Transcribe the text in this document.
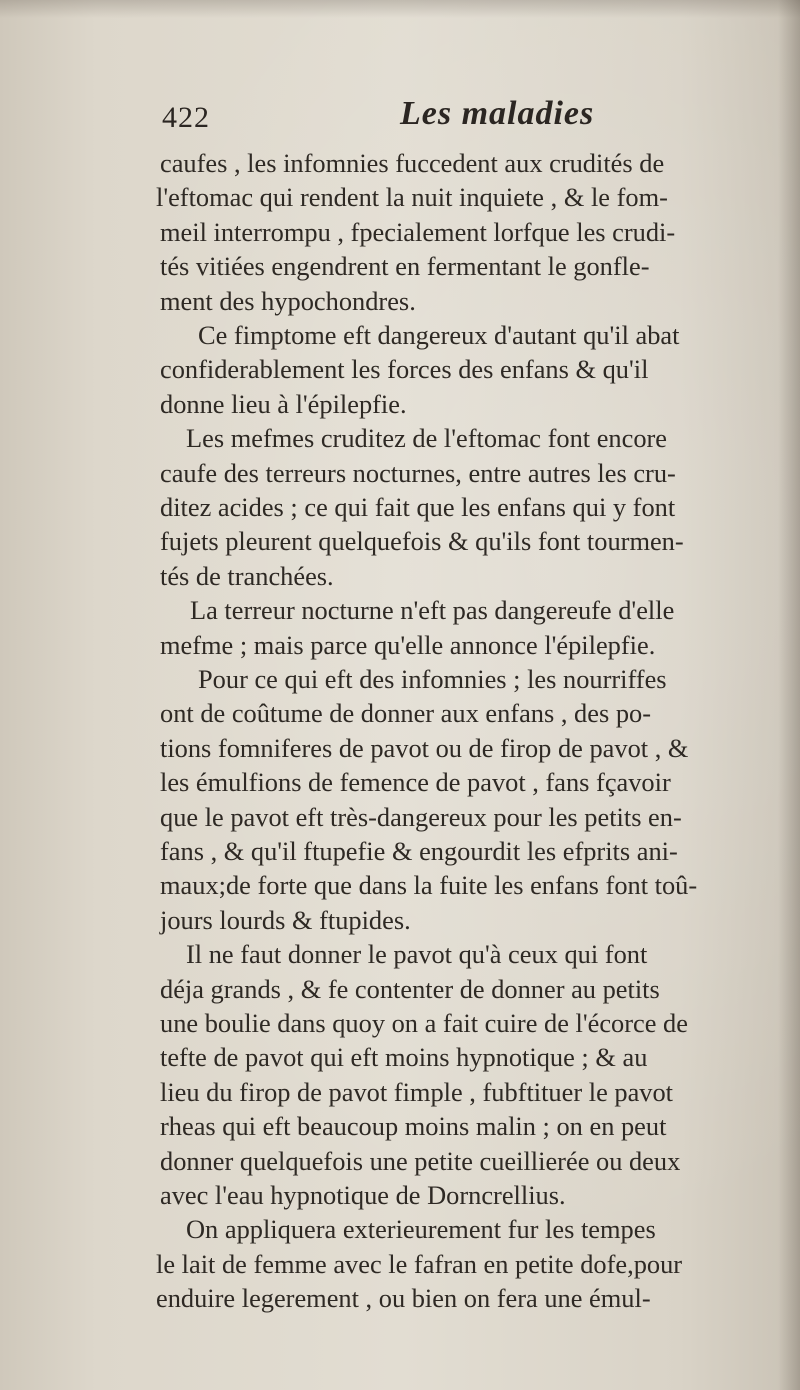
422	Les maladies
caufes , les infomnies fuccedent aux crudités de
l'eftomac qui rendent la nuit inquiete , & le fom-
meil interrompu , fpecialement lorfque les crudi-
tés vitiées engendrent en fermentant le gonfle-
ment des hypochondres.
Ce fimptome eft dangereux d'autant qu'il abat
confiderablement les forces des enfans & qu'il
donne lieu à l'épilepfie.
Les mefmes cruditez de l'eftomac font encore
caufe des terreurs nocturnes, entre autres les cru-
ditez acides ; ce qui fait que les enfans qui y font
fujets pleurent quelquefois & qu'ils font tourmen-
tés de tranchées.
La terreur nocturne n'eft pas dangereufe d'elle
mefme ; mais parce qu'elle annonce l'épilepfie.
Pour ce qui eft des infomnies ; les nourriffes
ont de coûtume de donner aux enfans , des po-
tions fomniferes de pavot ou de firop de pavot , &
les émulfions de femence de pavot , fans fçavoir
que le pavot eft très-dangereux pour les petits en-
fans , & qu'il ftupefie & engourdit les efprits ani-
maux;de forte que dans la fuite les enfans font toû-
jours lourds & ftupides.
Il ne faut donner le pavot qu'à ceux qui font
déja grands , & fe contenter de donner au petits
une boulie dans quoy on a fait cuire de l'écorce de
tefte de pavot qui eft moins hypnotique ; & au
lieu du firop de pavot fimple , fubftituer le pavot
rheas qui eft beaucoup moins malin ; on en peut
donner quelquefois une petite cueillierée ou deux
avec l'eau hypnotique de Dorncrellius.
On appliquera exterieurement fur les tempes
le lait de femme avec le fafran en petite dofe,pour
enduire legerement , ou bien on fera une émul-
